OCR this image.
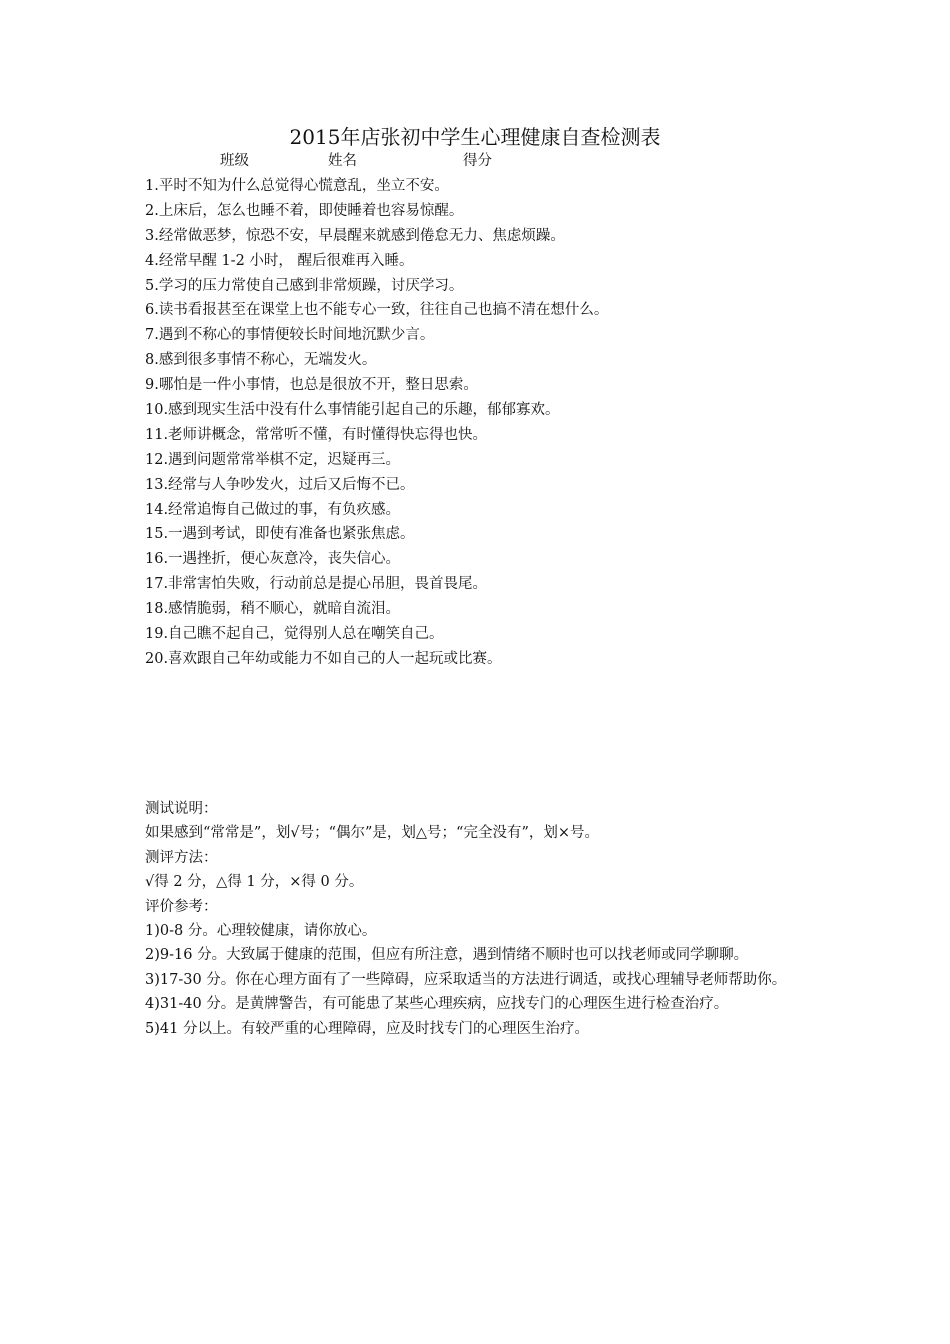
2015年店张初中学生心理健康自查检测表
班级	姓名	得分
1.平时不知为什么总觉得心慌意乱，坐立不安。
2.上床后，怎么也睡不着，即使睡着也容易惊醒。
3.经常做恶梦，惊恐不安，早晨醒来就感到倦怠无力、焦虑烦躁。
4.经常早醒 1-2 小时， 醒后很难再入睡。
5.学习的压力常使自己感到非常烦躁，讨厌学习。
6.读书看报甚至在课堂上也不能专心一致，往往自己也搞不清在想什么。
7.遇到不称心的事情便较长时间地沉默少言。
8.感到很多事情不称心，无端发火。
9.哪怕是一件小事情，也总是很放不开，整日思索。
10.感到现实生活中没有什么事情能引起自己的乐趣，郁郁寡欢。
11.老师讲概念，常常听不懂，有时懂得快忘得也快。
12.遇到问题常常举棋不定，迟疑再三。
13.经常与人争吵发火，过后又后悔不已。
14.经常追悔自己做过的事，有负疚感。
15.一遇到考试，即使有准备也紧张焦虑。
16.一遇挫折，便心灰意冷，丧失信心。
17.非常害怕失败，行动前总是提心吊胆，畏首畏尾。
18.感情脆弱，稍不顺心，就暗自流泪。
19.自己瞧不起自己，觉得别人总在嘲笑自己。
20.喜欢跟自己年幼或能力不如自己的人一起玩或比赛。
测试说明：
如果感到“常常是”，划√号；“偶尔”是，划△号；“完全没有”，划×号。
测评方法：
√得 2 分，△得 1 分，×得 0 分。
评价参考：
1)0-8 分。心理较健康，请你放心。
2)9-16 分。大致属于健康的范围，但应有所注意，遇到情绪不顺时也可以找老师或同学聊聊。
3)17-30 分。你在心理方面有了一些障碍，应采取适当的方法进行调适，或找心理辅导老师帮助你。
4)31-40 分。是黄牌警告，有可能患了某些心理疾病，应找专门的心理医生进行检查治疗。
5)41 分以上。有较严重的心理障碍，应及时找专门的心理医生治疗。
